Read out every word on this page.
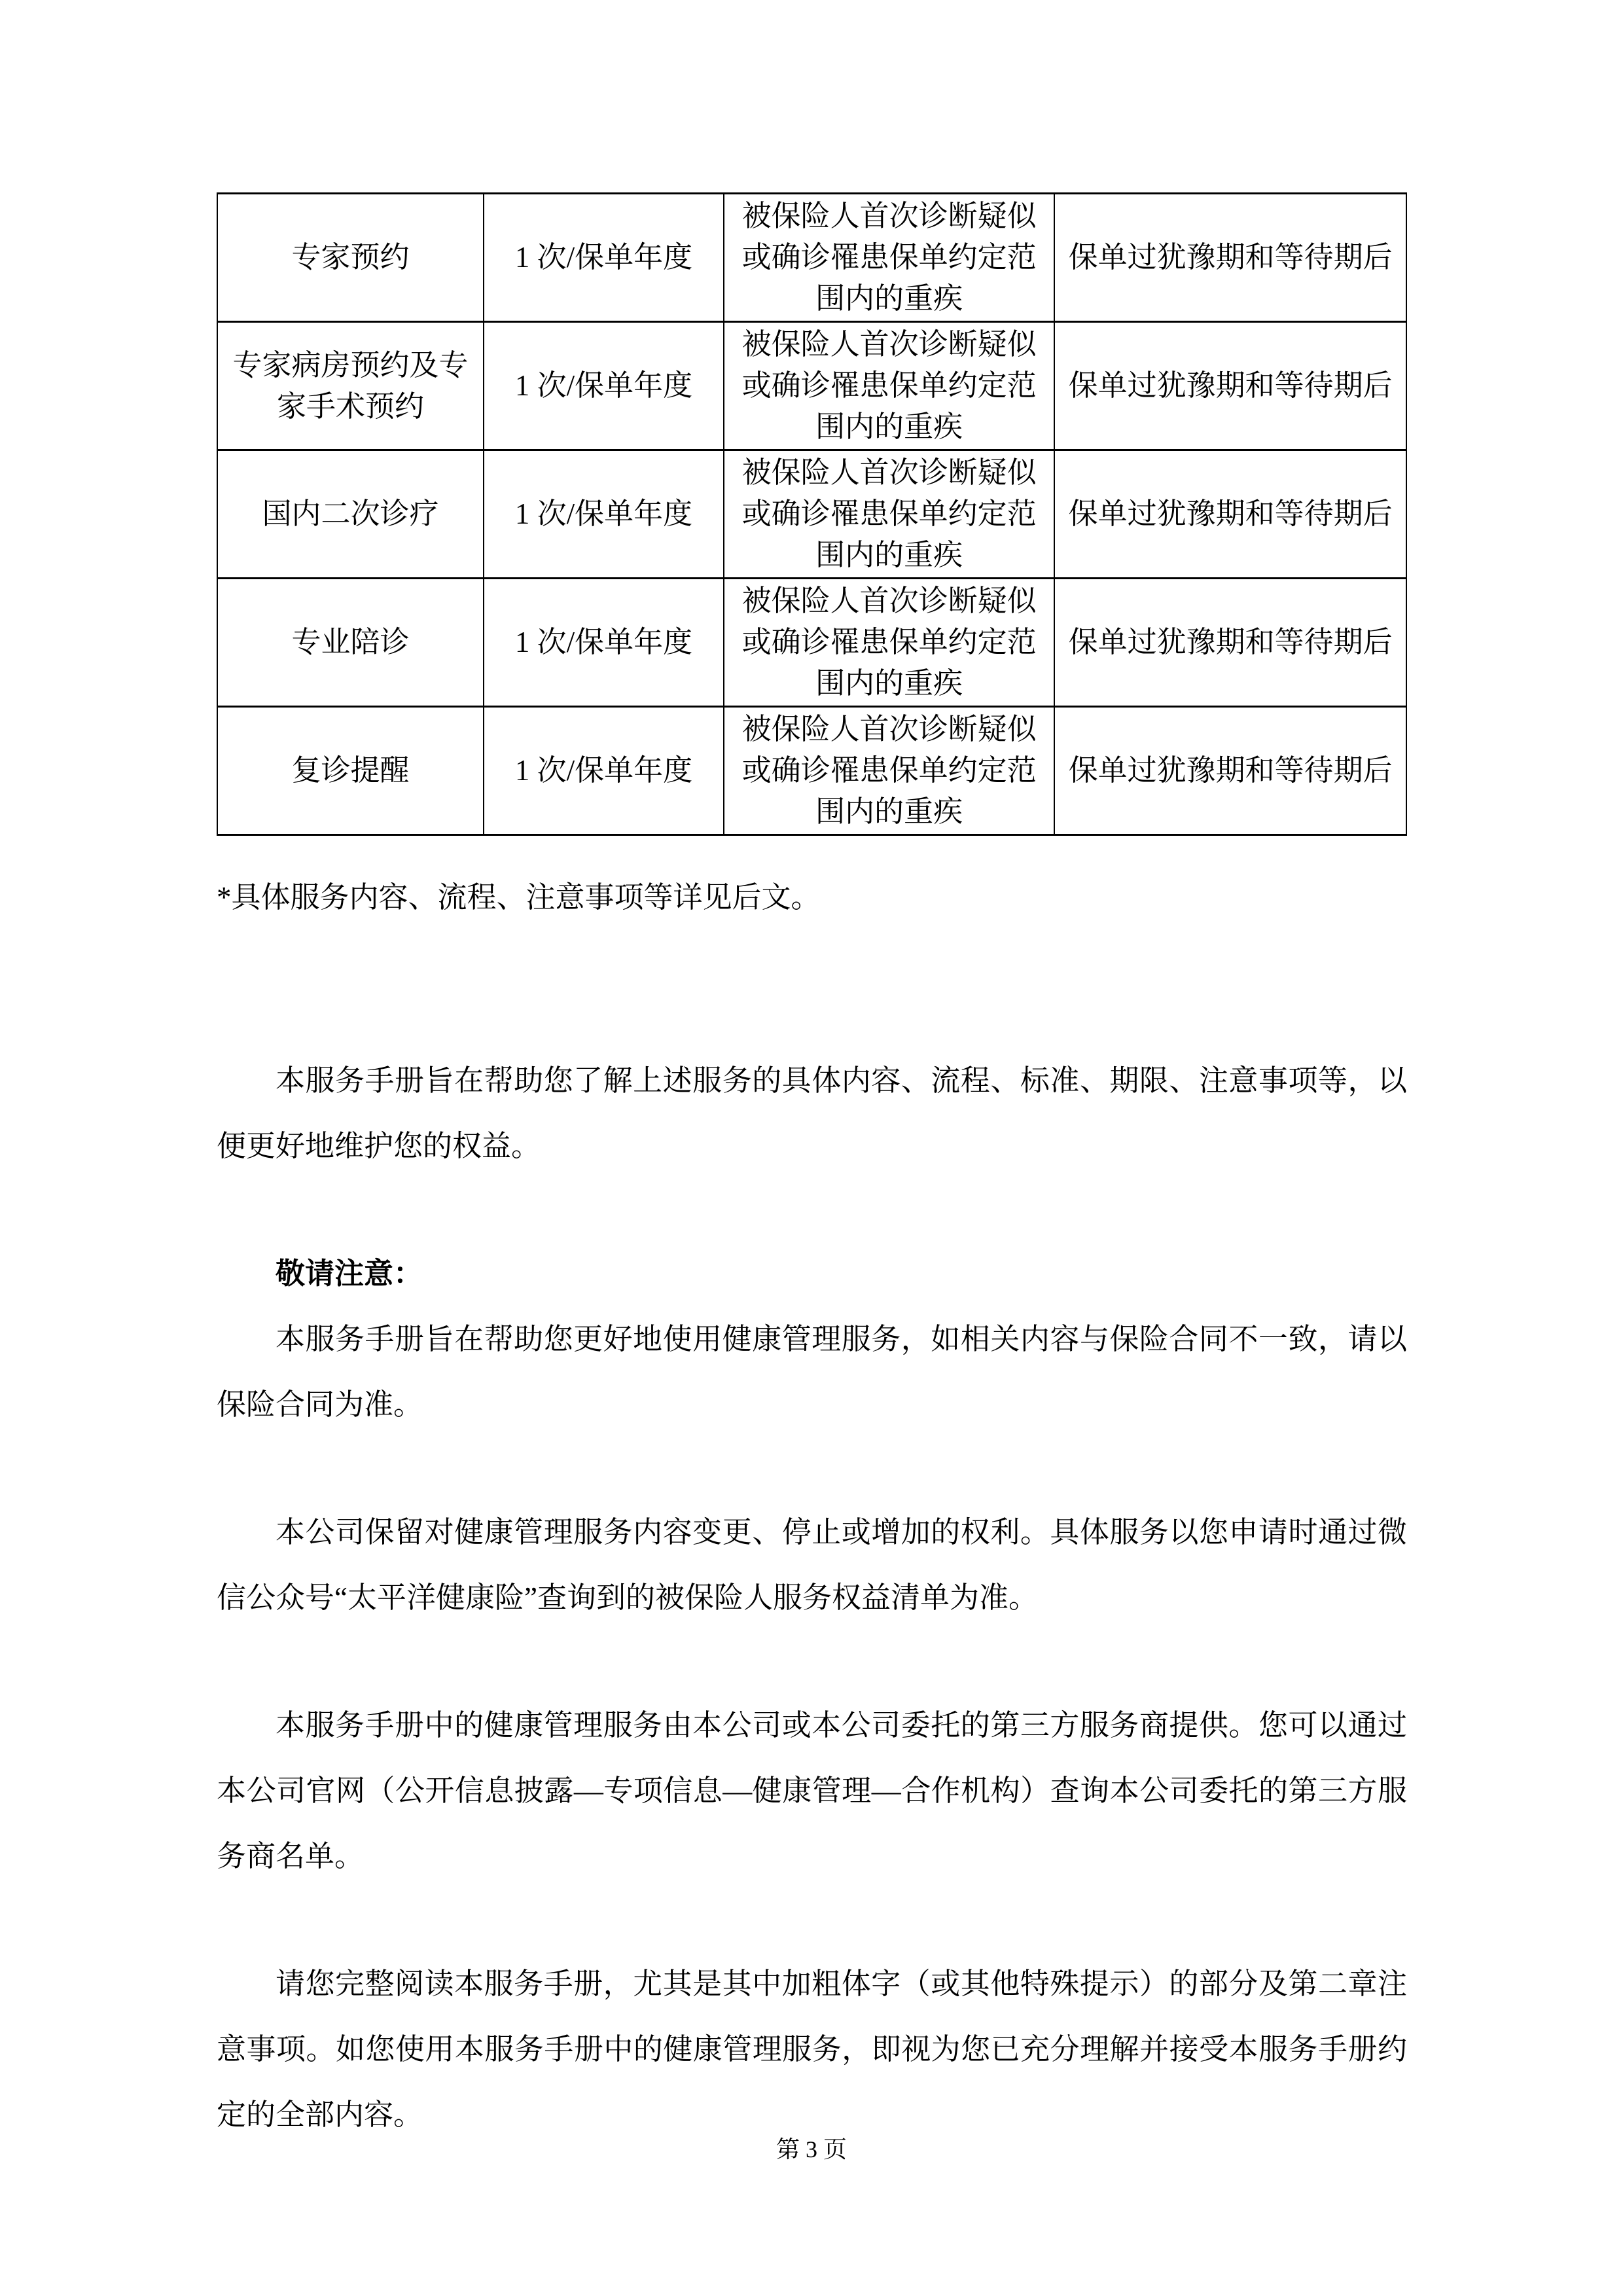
专家预约	1 次/保单年度	被保险人首次诊断疑似或确诊罹患保单约定范围内的重疾	保单过犹豫期和等待期后
专家病房预约及专家手术预约	1 次/保单年度	被保险人首次诊断疑似或确诊罹患保单约定范围内的重疾	保单过犹豫期和等待期后
国内二次诊疗	1 次/保单年度	被保险人首次诊断疑似或确诊罹患保单约定范围内的重疾	保单过犹豫期和等待期后
专业陪诊	1 次/保单年度	被保险人首次诊断疑似或确诊罹患保单约定范围内的重疾	保单过犹豫期和等待期后
复诊提醒	1 次/保单年度	被保险人首次诊断疑似或确诊罹患保单约定范围内的重疾	保单过犹豫期和等待期后

*具体服务内容、流程、注意事项等详见后文。

本服务手册旨在帮助您了解上述服务的具体内容、流程、标准、期限、注意事项等，以便更好地维护您的权益。

敬请注意：

本服务手册旨在帮助您更好地使用健康管理服务，如相关内容与保险合同不一致，请以保险合同为准。

本公司保留对健康管理服务内容变更、停止或增加的权利。具体服务以您申请时通过微信公众号“太平洋健康险”查询到的被保险人服务权益清单为准。

本服务手册中的健康管理服务由本公司或本公司委托的第三方服务商提供。您可以通过本公司官网（公开信息披露—专项信息—健康管理—合作机构）查询本公司委托的第三方服务商名单。

请您完整阅读本服务手册，尤其是其中加粗体字（或其他特殊提示）的部分及第二章注意事项。如您使用本服务手册中的健康管理服务，即视为您已充分理解并接受本服务手册约定的全部内容。

第 3 页
